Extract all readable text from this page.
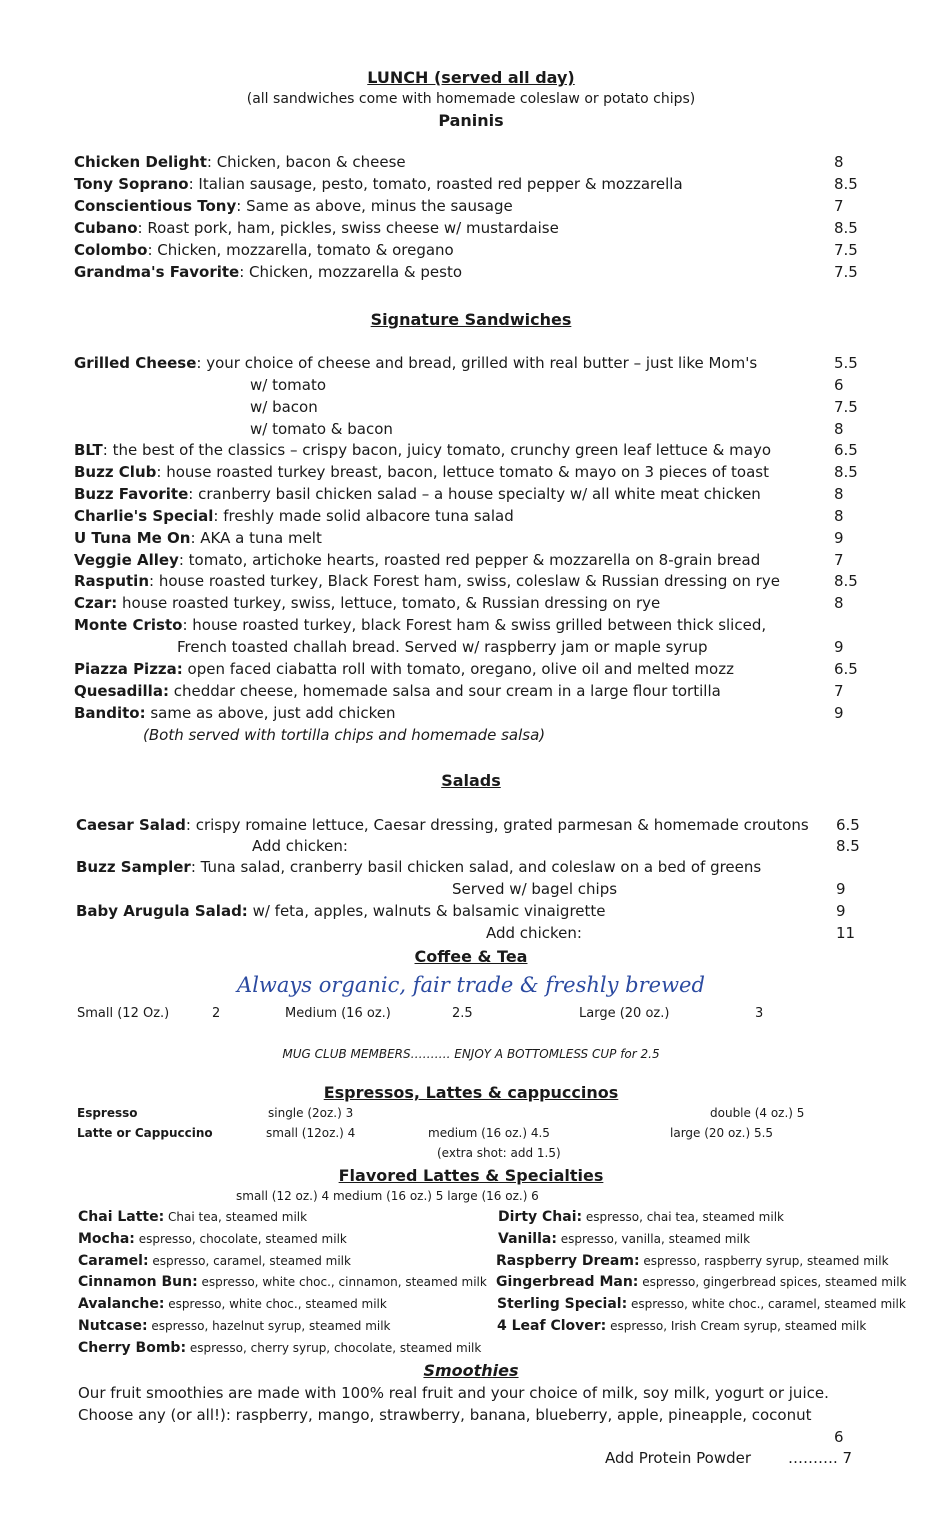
LUNCH (served all day)
(all sandwiches come with homemade coleslaw or potato chips)
Paninis
Chicken Delight: Chicken, bacon & cheese	8
Tony Soprano: Italian sausage, pesto, tomato, roasted red pepper & mozzarella	8.5
Conscientious Tony: Same as above, minus the sausage	7
Cubano: Roast pork, ham, pickles, swiss cheese w/ mustardaise	8.5
Colombo: Chicken, mozzarella, tomato & oregano	7.5
Grandma's Favorite: Chicken, mozzarella & pesto	7.5
Signature Sandwiches
Grilled Cheese: your choice of cheese and bread, grilled with real butter – just like Mom's	5.5
w/ tomato	6
w/ bacon	7.5
w/ tomato & bacon	8
BLT: the best of the classics – crispy bacon, juicy tomato, crunchy green leaf lettuce & mayo	6.5
Buzz Club: house roasted turkey breast, bacon, lettuce tomato & mayo on 3 pieces of toast	8.5
Buzz Favorite: cranberry basil chicken salad – a house specialty w/ all white meat chicken	8
Charlie's Special: freshly made solid albacore tuna salad	8
U Tuna Me On: AKA a tuna melt	9
Veggie Alley: tomato, artichoke hearts, roasted red pepper & mozzarella on 8-grain bread	7
Rasputin: house roasted turkey, Black Forest ham, swiss, coleslaw & Russian dressing on rye	8.5
Czar: house roasted turkey, swiss, lettuce, tomato, & Russian dressing on rye	8
Monte Cristo: house roasted turkey, black Forest ham & swiss grilled between thick sliced,
French toasted challah bread. Served w/ raspberry jam or maple syrup	9
Piazza Pizza: open faced ciabatta roll with tomato, oregano, olive oil and melted mozz	6.5
Quesadilla: cheddar cheese, homemade salsa and sour cream in a large flour tortilla	7
Bandito: same as above, just add chicken	9
(Both served with tortilla chips and homemade salsa)
Salads
Caesar Salad: crispy romaine lettuce, Caesar dressing, grated parmesan & homemade croutons 6.5
Add chicken:	8.5
Buzz Sampler: Tuna salad, cranberry basil chicken salad, and coleslaw on a bed of greens
Served w/ bagel chips	9
Baby Arugula Salad: w/ feta, apples, walnuts & balsamic vinaigrette	9
Add chicken:	11
Coffee & Tea
Always organic, fair trade & freshly brewed
Small (12 Oz.)	2	Medium (16 oz.)	2.5	Large (20 oz.)	3
MUG CLUB MEMBERS………. ENJOY A BOTTOMLESS CUP for 2.5
Espressos, Lattes & cappuccinos
Espresso	single (2oz.) 3	double (4 oz.) 5
Latte or Cappuccino	small (12oz.) 4	medium (16 oz.) 4.5	large (20 oz.) 5.5
(extra shot: add 1.5)
Flavored Lattes & Specialties
small (12 oz.) 4 medium (16 oz.) 5 large (16 oz.) 6
Chai Latte: Chai tea, steamed milk
Mocha: espresso, chocolate, steamed milk
Caramel: espresso, caramel, steamed milk
Cinnamon Bun: espresso, white choc., cinnamon, steamed milk
Avalanche: espresso, white choc., steamed milk
Nutcase: espresso, hazelnut syrup, steamed milk
Cherry Bomb: espresso, cherry syrup, chocolate, steamed milk
Dirty Chai: espresso, chai tea, steamed milk
Vanilla: espresso, vanilla, steamed milk
Raspberry Dream: espresso, raspberry syrup, steamed milk
Gingerbread Man: espresso, gingerbread spices, steamed milk
Sterling Special: espresso, white choc., caramel, steamed milk
4 Leaf Clover: espresso, Irish Cream syrup, steamed milk
Smoothies
Our fruit smoothies are made with 100% real fruit and your choice of milk, soy milk, yogurt or juice.
Choose any (or all!): raspberry, mango, strawberry, banana, blueberry, apple, pineapple, coconut
6
Add Protein Powder ………. 7
